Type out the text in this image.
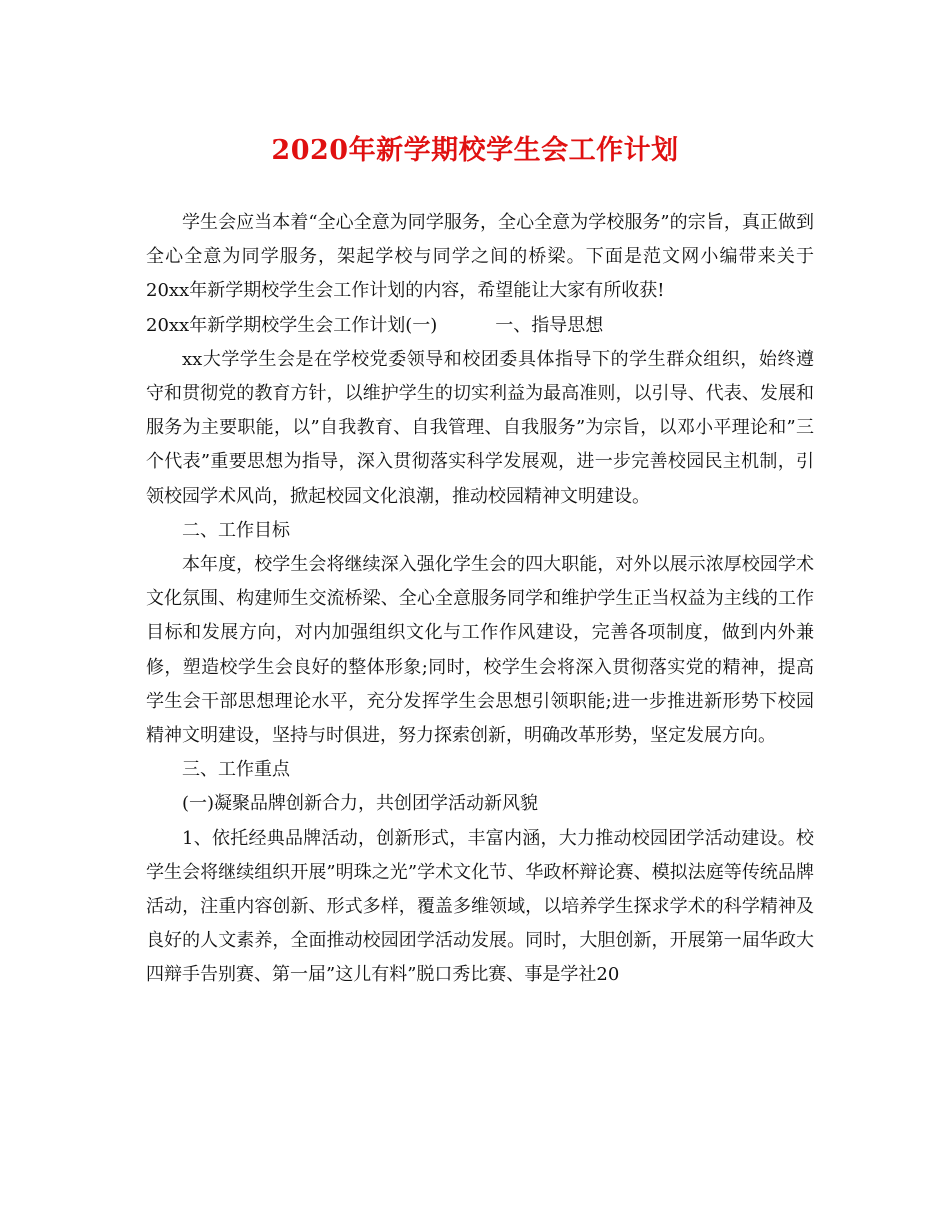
2020年新学期校学生会工作计划

学生会应当本着“全心全意为同学服务，全心全意为学校服务”的宗旨，真正做到全心全意为同学服务，架起学校与同学之间的桥梁。下面是范文网小编带来关于20xx年新学期校学生会工作计划的内容，希望能让大家有所收获!

20xx年新学期校学生会工作计划(一)	一、指导思想

xx大学学生会是在学校党委领导和校团委具体指导下的学生群众组织，始终遵守和贯彻党的教育方针，以维护学生的切实利益为最高准则，以引导、代表、发展和服务为主要职能，以”自我教育、自我管理、自我服务”为宗旨，以邓小平理论和”三个代表”重要思想为指导，深入贯彻落实科学发展观，进一步完善校园民主机制，引领校园学术风尚，掀起校园文化浪潮，推动校园精神文明建设。

二、工作目标

本年度，校学生会将继续深入强化学生会的四大职能，对外以展示浓厚校园学术文化氛围、构建师生交流桥梁、全心全意服务同学和维护学生正当权益为主线的工作目标和发展方向，对内加强组织文化与工作作风建设，完善各项制度，做到内外兼修，塑造校学生会良好的整体形象;同时，校学生会将深入贯彻落实党的精神，提高学生会干部思想理论水平，充分发挥学生会思想引领职能;进一步推进新形势下校园精神文明建设，坚持与时俱进，努力探索创新，明确改革形势，坚定发展方向。

三、工作重点

(一)凝聚品牌创新合力，共创团学活动新风貌

1、依托经典品牌活动，创新形式，丰富内涵，大力推动校园团学活动建设。校学生会将继续组织开展”明珠之光”学术文化节、华政杯辩论赛、模拟法庭等传统品牌活动，注重内容创新、形式多样，覆盖多维领域，以培养学生探求学术的科学精神及良好的人文素养，全面推动校园团学活动发展。同时，大胆创新，开展第一届华政大四辩手告别赛、第一届”这儿有料”脱口秀比赛、事是学社20
